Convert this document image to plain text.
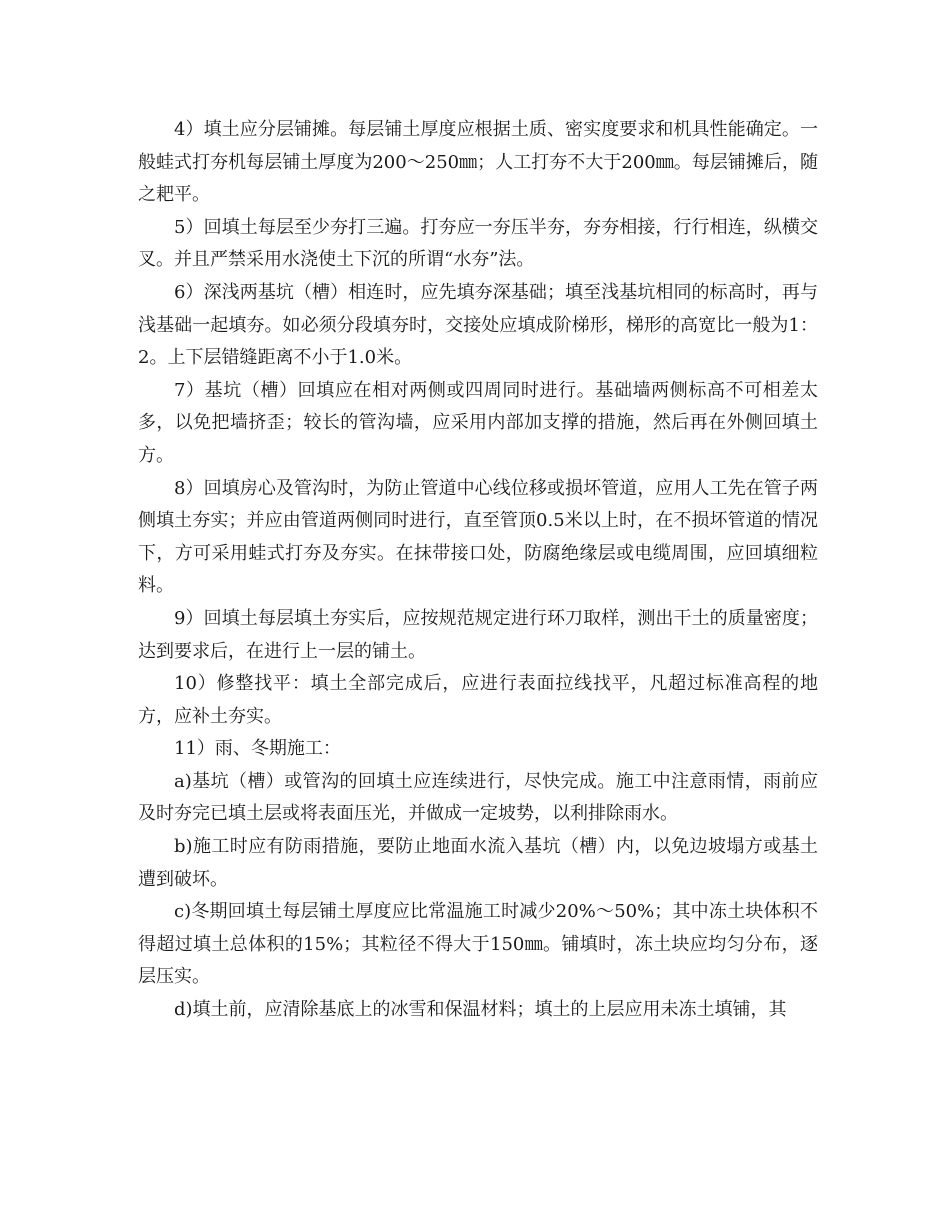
4）填土应分层铺摊。每层铺土厚度应根据土质、密实度要求和机具性能确定。一般蛙式打夯机每层铺土厚度为200～250㎜；人工打夯不大于200㎜。每层铺摊后，随之耙平。

5）回填土每层至少夯打三遍。打夯应一夯压半夯，夯夯相接，行行相连，纵横交叉。并且严禁采用水浇使土下沉的所谓“水夯”法。

6）深浅两基坑（槽）相连时，应先填夯深基础；填至浅基坑相同的标高时，再与浅基础一起填夯。如必须分段填夯时，交接处应填成阶梯形，梯形的高宽比一般为1：2。上下层错缝距离不小于1.0米。

7）基坑（槽）回填应在相对两侧或四周同时进行。基础墙两侧标高不可相差太多，以免把墙挤歪；较长的管沟墙，应采用内部加支撑的措施，然后再在外侧回填土方。

8）回填房心及管沟时，为防止管道中心线位移或损坏管道，应用人工先在管子两侧填土夯实；并应由管道两侧同时进行，直至管顶0.5米以上时，在不损坏管道的情况下，方可采用蛙式打夯及夯实。在抹带接口处，防腐绝缘层或电缆周围，应回填细粒料。

9）回填土每层填土夯实后，应按规范规定进行环刀取样，测出干土的质量密度；达到要求后，在进行上一层的铺土。

10）修整找平：填土全部完成后，应进行表面拉线找平，凡超过标准高程的地方，应补土夯实。

11）雨、冬期施工：

a)基坑（槽）或管沟的回填土应连续进行，尽快完成。施工中注意雨情，雨前应及时夯完已填土层或将表面压光，并做成一定坡势，以利排除雨水。

b)施工时应有防雨措施，要防止地面水流入基坑（槽）内，以免边坡塌方或基土遭到破坏。

c)冬期回填土每层铺土厚度应比常温施工时减少20%～50%；其中冻土块体积不得超过填土总体积的15%；其粒径不得大于150㎜。铺填时，冻土块应均匀分布，逐层压实。

d)填土前，应清除基底上的冰雪和保温材料；填土的上层应用未冻土填铺，其
